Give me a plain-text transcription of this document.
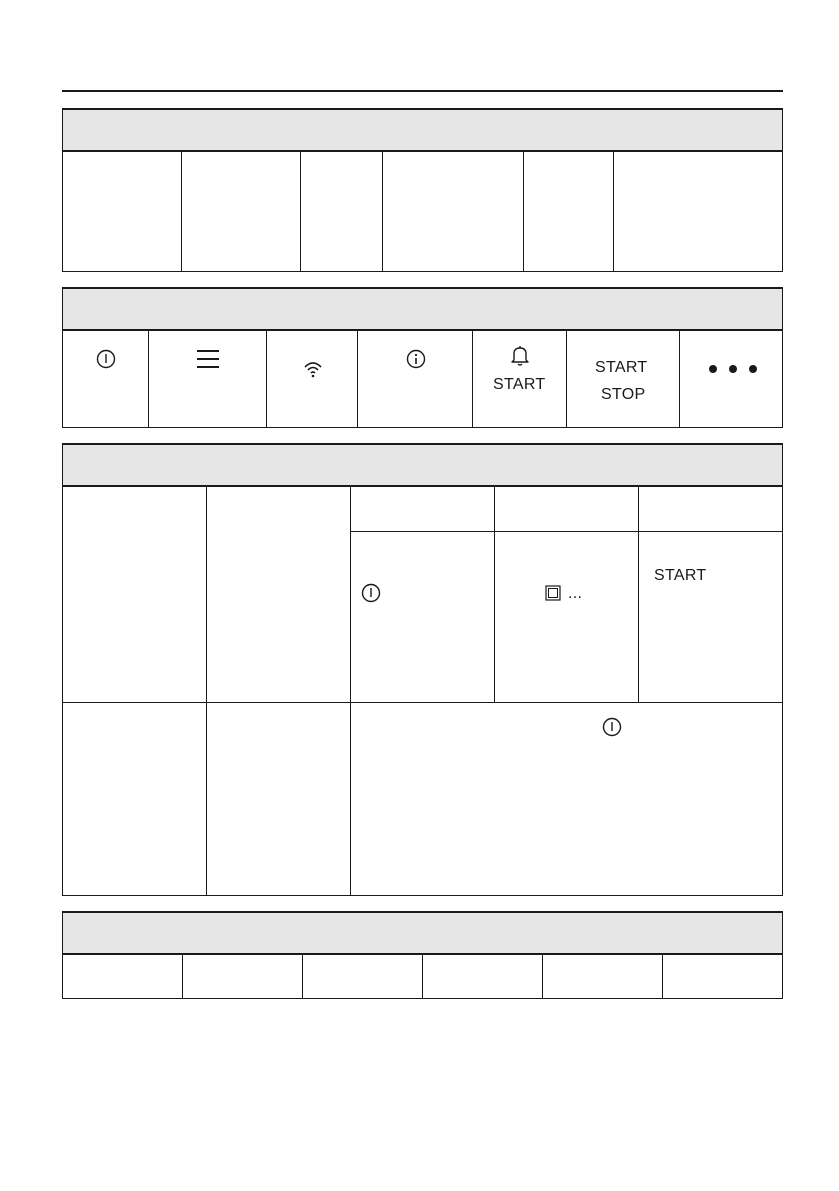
START
START
STOP
...
START
